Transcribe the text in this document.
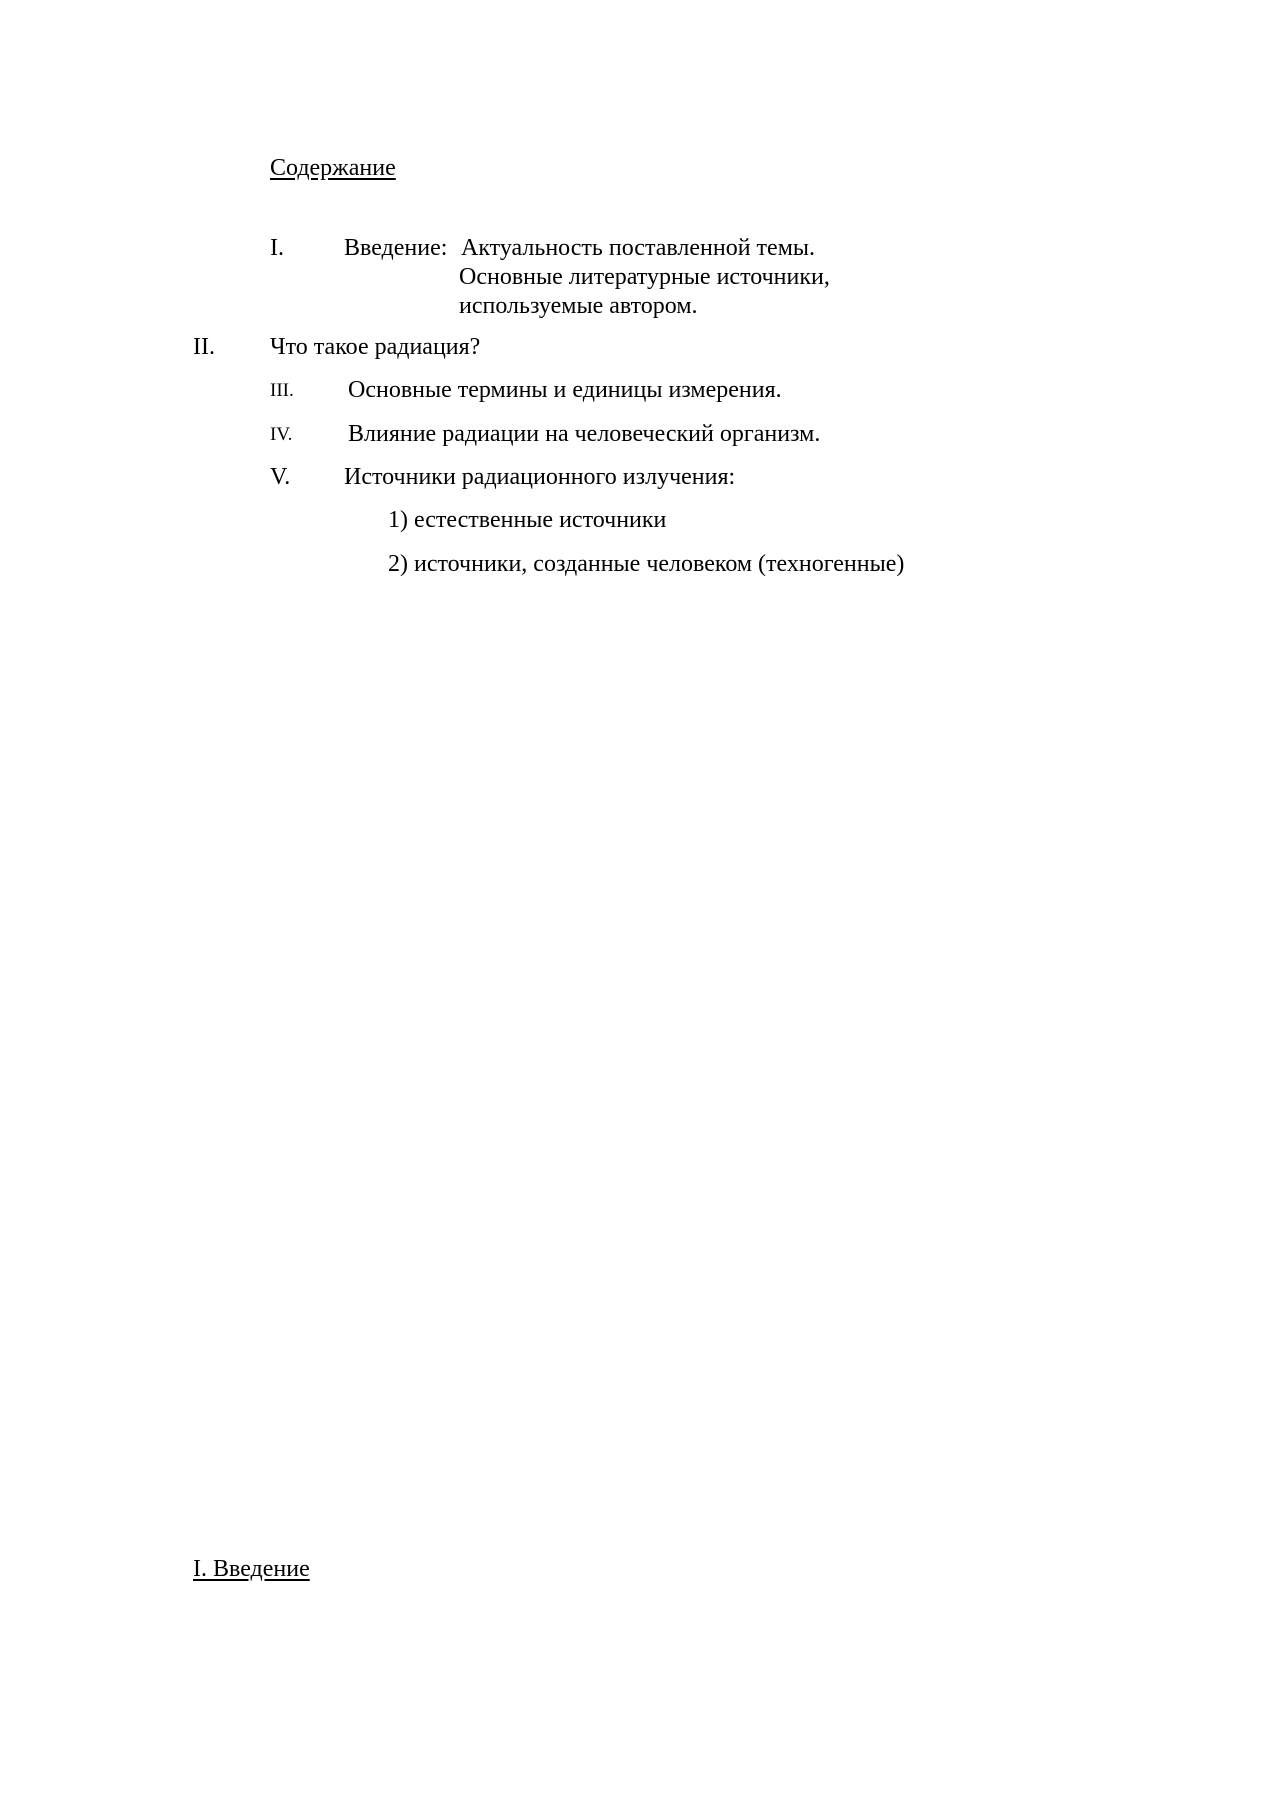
Содержание
I.	Введение: Актуальность поставленной темы.
Основные литературные источники,
используемые автором.
II. Что такое радиация?
III. Основные термины и единицы измерения.
IV. Влияние радиации на человеческий организм.
V. Источники радиационного излучения:
1) естественные источники
2) источники, созданные человеком (техногенные)
I. Введение
